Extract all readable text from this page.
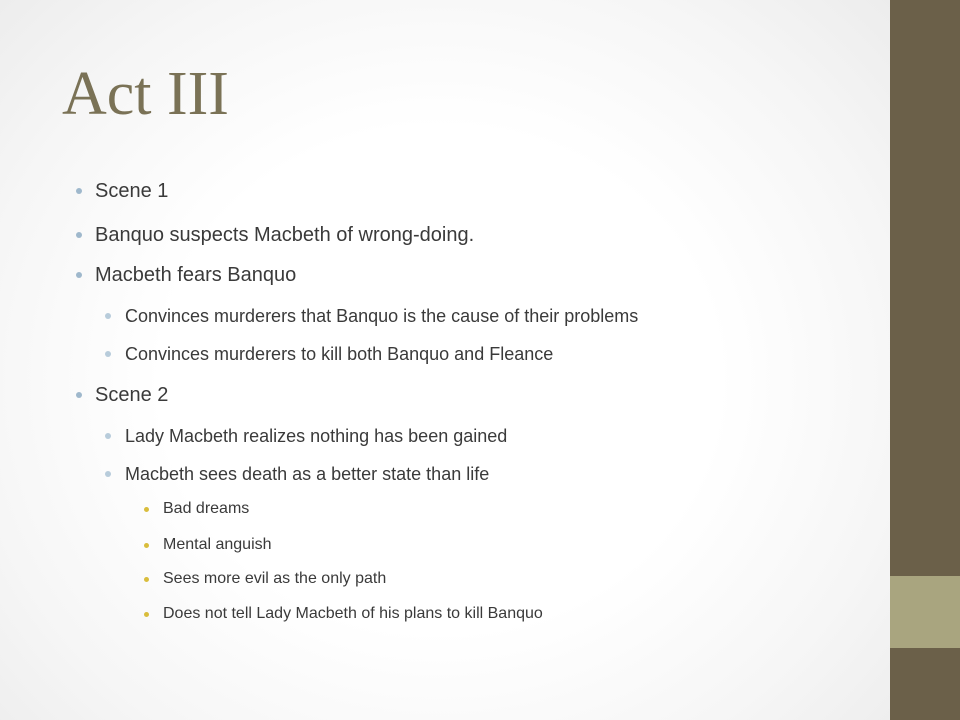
Act III
Scene 1
Banquo suspects Macbeth of wrong-doing.
Macbeth fears Banquo
Convinces murderers that Banquo is the cause of their problems
Convinces murderers to kill both Banquo and Fleance
Scene 2
Lady Macbeth realizes nothing has been gained
Macbeth sees death as a better state than life
Bad dreams
Mental anguish
Sees more evil as the only path
Does not tell Lady Macbeth of his plans to kill Banquo
